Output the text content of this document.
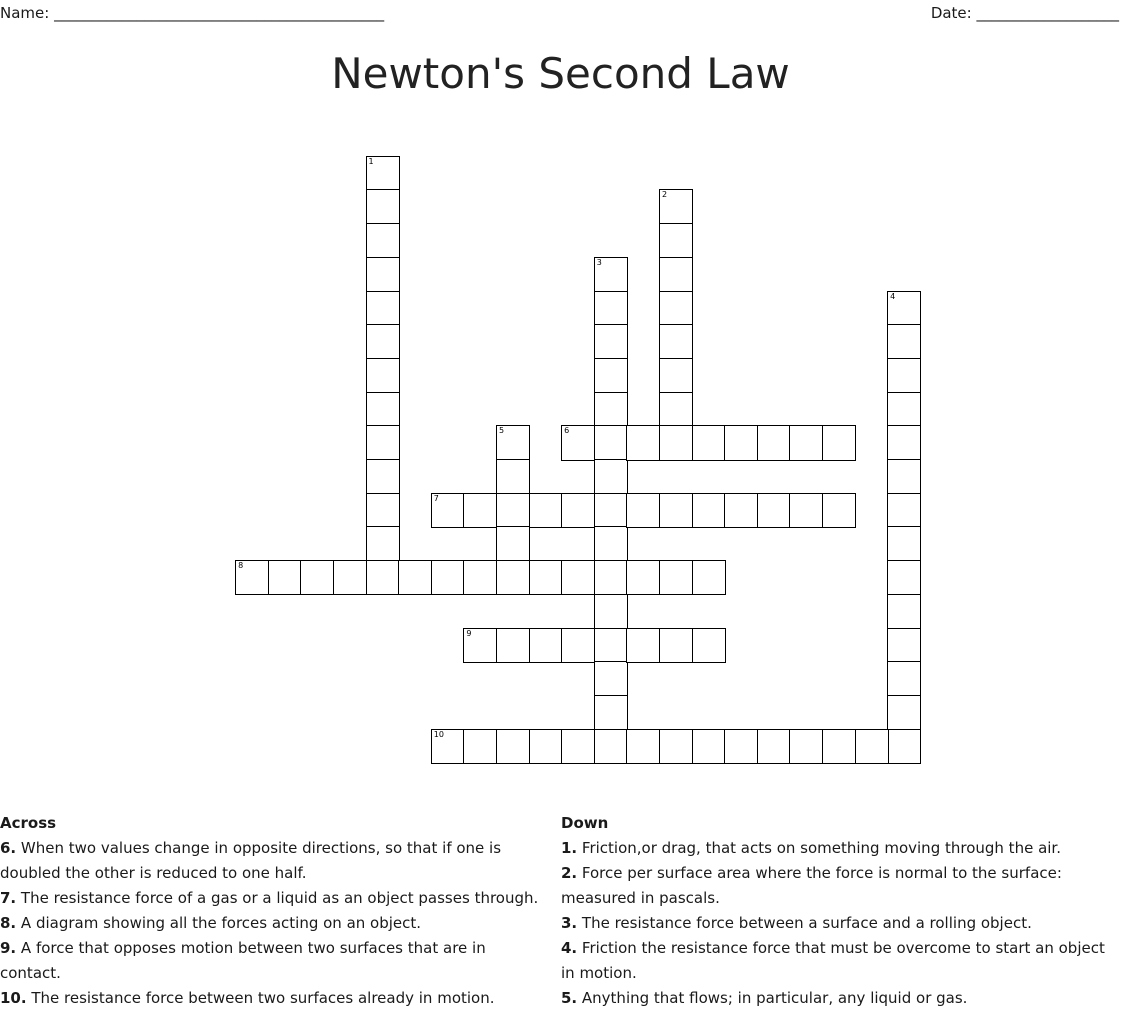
Name: ____________________________________________	Date: ___________________
Newton's Second Law
1
2
3
4
5	6
7
8
9
10
Across
6. When two values change in opposite directions, so that if one is doubled the other is reduced to one half.
7. The resistance force of a gas or a liquid as an object passes through.
8. A diagram showing all the forces acting on an object.
9. A force that opposes motion between two surfaces that are in contact.
10. The resistance force between two surfaces already in motion.
Down
1. Friction,or drag, that acts on something moving through the air.
2. Force per surface area where the force is normal to the surface: measured in pascals.
3. The resistance force between a surface and a rolling object.
4. Friction the resistance force that must be overcome to start an object in motion.
5. Anything that flows; in particular, any liquid or gas.
